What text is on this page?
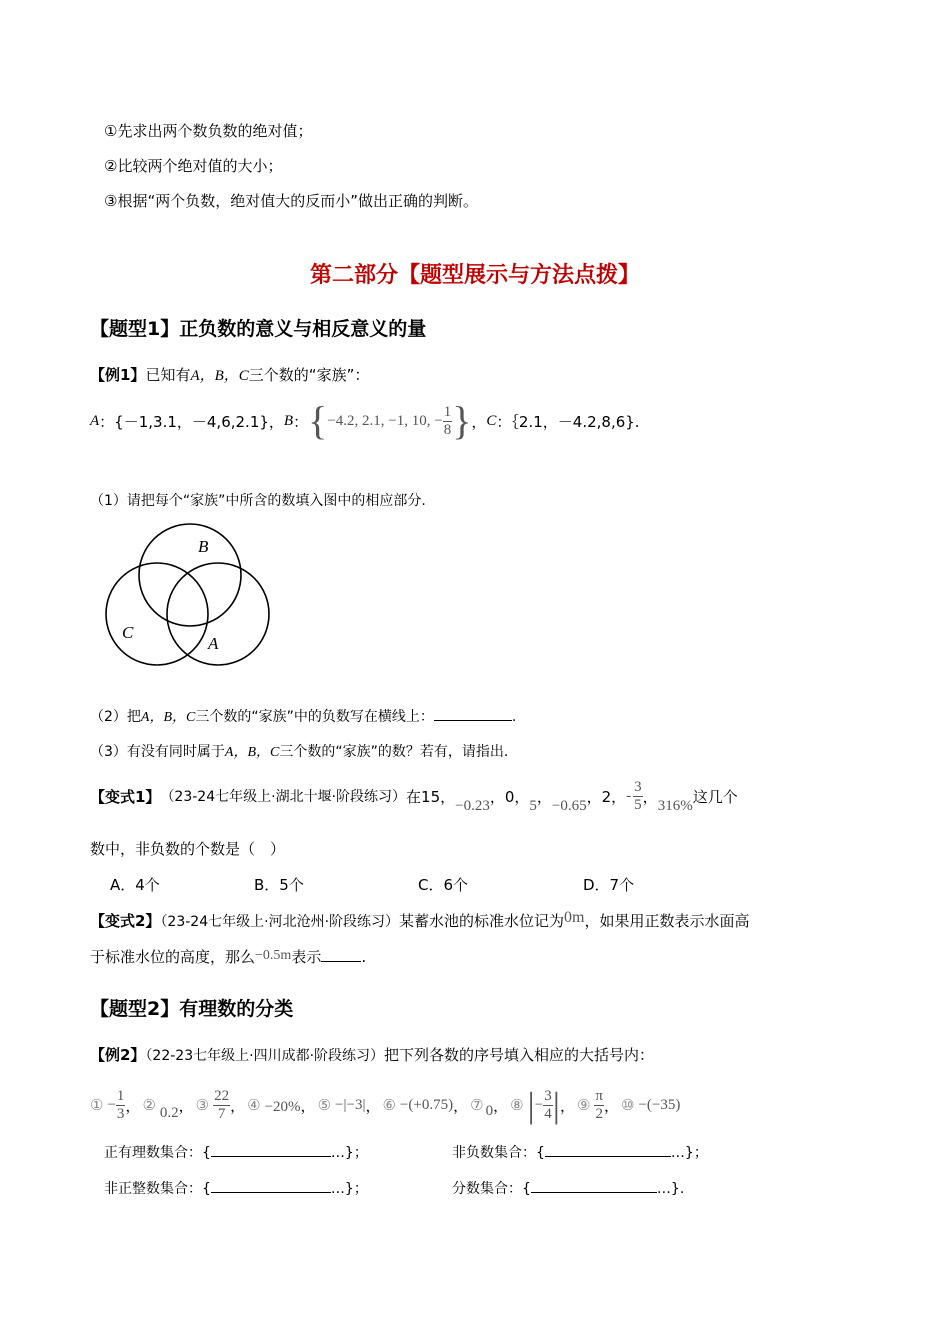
①先求出两个数负数的绝对值；
②比较两个绝对值的大小；
③根据“两个负数，绝对值大的反而小”做出正确的判断。
第二部分【题型展示与方法点拨】
【题型1】正负数的意义与相反意义的量
【例1】已知有A，B，C三个数的“家族”：
A ：{－1,3.1，－4,6,2.1}， B ： { −4.2, 2.1, −1, 10, − $\frac{1}{8}$ } ， C ：｛2.1，－4.2,8,6}.
（1）请把每个“家族”中所含的数填入图中的相应部分.
B
C
A
（2）把A，B，C三个数的“家族”中的负数写在横线上：	.
（3）有没有同时属于A，B，C三个数的“家族”的数？若有，请指出.
【变式1】 （23-24七年级上·湖北十堰·阶段练习） 在15， −0.23 ，0， 5 ， −0.65 ，2， - $\frac{3}{5}$ ， 316% 这几个
数中，非负数的个数是（　）
A．4个	B．5个	C．6个	D．7个
【变式2】（23-24七年级上·河北沧州·阶段练习）某蓄水池的标准水位记为0m，如果用正数表示水面高
于标准水位的高度，那么−0.5m表示	.
【题型2】有理数的分类
【例2】（22-23七年级上·四川成都·阶段练习）把下列各数的序号填入相应的大括号内：
① − $\frac{1}{3}$ ， ② 0.2 ， ③ $\frac{22}{7}$ ， ④ −20% ， ⑤ −|−3| ， ⑥ −(+0.75) ， ⑦ 0 ， ⑧ | − $\frac{3}{4}$ | ， ⑨ $\frac{\pi}{2}$ ， ⑩ −(−35)
正有理数集合：{	…}；	非负数集合：{	…}；
非正整数集合：{	…}；	分数集合：{	…}.
